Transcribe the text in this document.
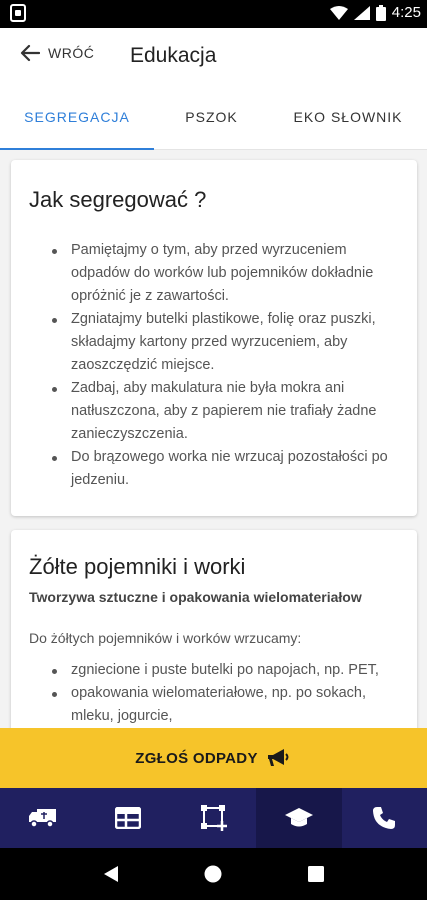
4:25
WRÓĆ Edukacja
SEGREGACJA	PSZOK	EKO SŁOWNIK
Jak segregować ?
Pamiętajmy o tym, aby przed wyrzuceniem odpadów do worków lub pojemników dokładnie opróżnić je z zawartości.
Zgniatajmy butelki plastikowe, folię oraz puszki, składajmy kartony przed wyrzuceniem, aby zaoszczędzić miejsce.
Zadbaj, aby makulatura nie była mokra ani natłuszczona, aby z papierem nie trafiały żadne zanieczyszczenia.
Do brązowego worka nie wrzucaj pozostałości po jedzeniu.
Żółte pojemniki i worki
Tworzywa sztuczne i opakowania wielomateriałow
Do żółtych pojemników i worków wrzucamy:
zgniecione i puste butelki po napojach, np. PET,
opakowania wielomateriałowe, np. po sokach, mleku, jogurcie,
ZGŁOŚ ODPADY
